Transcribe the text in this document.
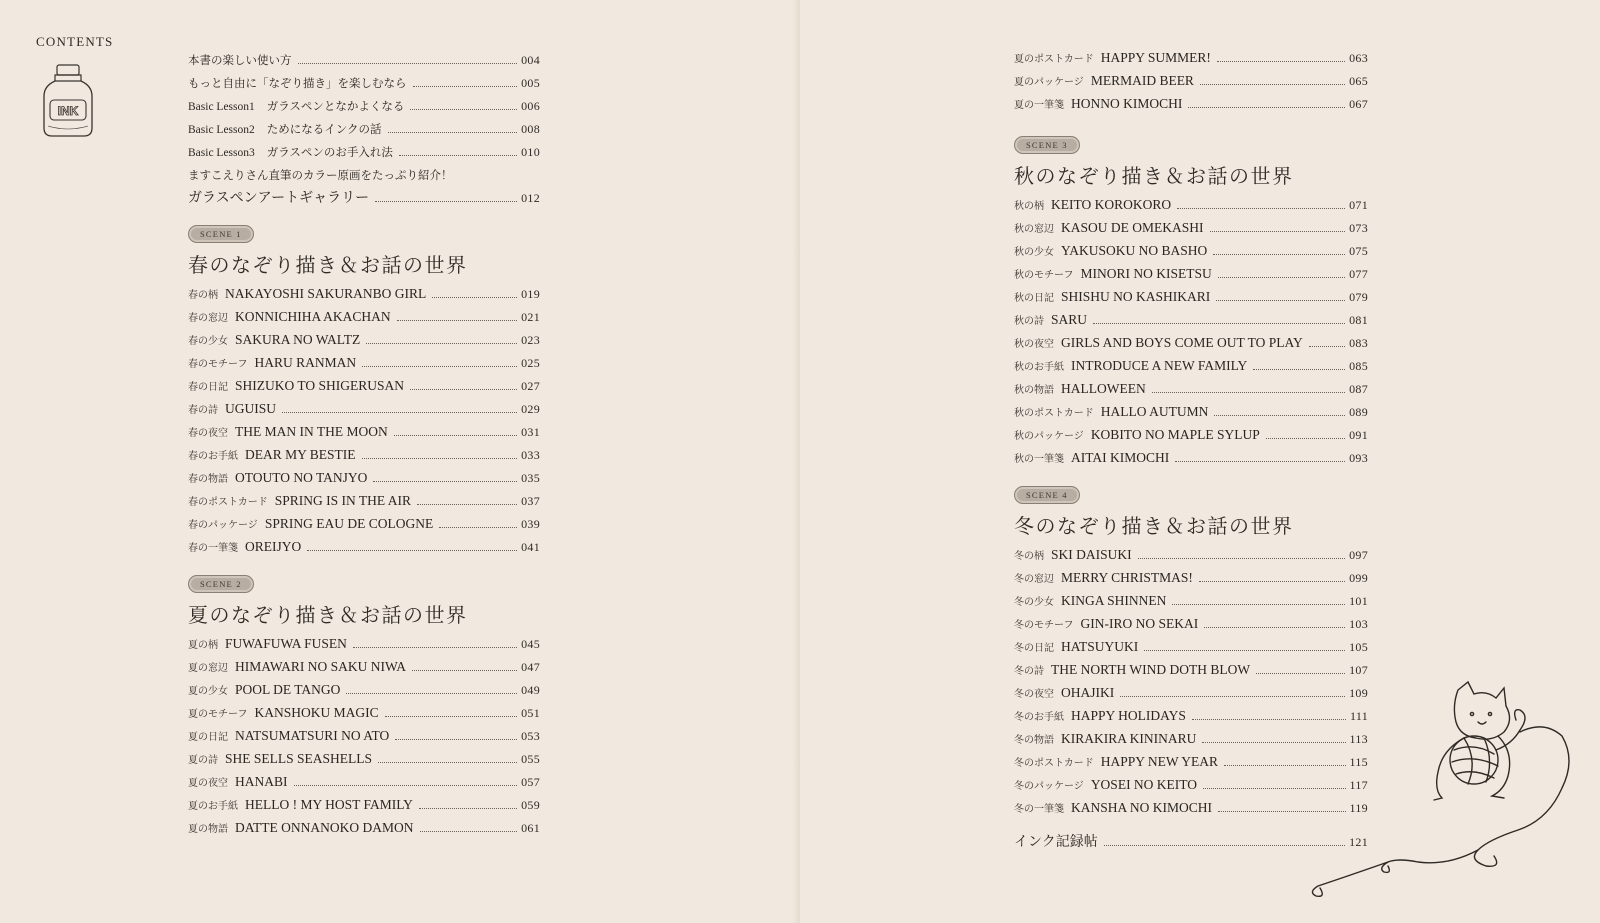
CONTENTS
INK
本書の楽しい使い方	004
もっと自由に「なぞり描き」を楽しむなら	005
Basic Lesson1 ガラスペンとなかよくなる	006
Basic Lesson2 ためになるインクの話	008
Basic Lesson3 ガラスペンのお手入れ法	010
ますこえりさん直筆のカラー原画をたっぷり紹介！
ガラスペンアートギャラリー	012
SCENE 1
春のなぞり描き＆お話の世界
春の柄 NAKAYOSHI SAKURANBO GIRL	019
春の窓辺 KONNICHIHA AKACHAN	021
春の少女 SAKURA NO WALTZ	023
春のモチーフ HARU RANMAN	025
春の日記 SHIZUKO TO SHIGERUSAN	027
春の詩 UGUISU	029
春の夜空 THE MAN IN THE MOON	031
春のお手紙 DEAR MY BESTIE	033
春の物語 OTOUTO NO TANJYO	035
春のポストカード SPRING IS IN THE AIR	037
春のパッケージ SPRING EAU DE COLOGNE	039
春の一筆箋 OREIJYO	041
SCENE 2
夏のなぞり描き＆お話の世界
夏の柄 FUWAFUWA FUSEN	045
夏の窓辺 HIMAWARI NO SAKU NIWA	047
夏の少女 POOL DE TANGO	049
夏のモチーフ KANSHOKU MAGIC	051
夏の日記 NATSUMATSURI NO ATO	053
夏の詩 SHE SELLS SEASHELLS	055
夏の夜空 HANABI	057
夏のお手紙 HELLO ! MY HOST FAMILY	059
夏の物語 DATTE ONNANOKO DAMON	061
夏のポストカード HAPPY SUMMER!	063
夏のパッケージ MERMAID BEER	065
夏の一筆箋 HONNO KIMOCHI	067
SCENE 3
秋のなぞり描き＆お話の世界
秋の柄 KEITO KOROKORO	071
秋の窓辺 KASOU DE OMEKASHI	073
秋の少女 YAKUSOKU NO BASHO	075
秋のモチーフ MINORI NO KISETSU	077
秋の日記 SHISHU NO KASHIKARI	079
秋の詩 SARU	081
秋の夜空 GIRLS AND BOYS COME OUT TO PLAY	083
秋のお手紙 INTRODUCE A NEW FAMILY	085
秋の物語 HALLOWEEN	087
秋のポストカード HALLO AUTUMN	089
秋のパッケージ KOBITO NO MAPLE SYLUP	091
秋の一筆箋 AITAI KIMOCHI	093
SCENE 4
冬のなぞり描き＆お話の世界
冬の柄 SKI DAISUKI	097
冬の窓辺 MERRY CHRISTMAS!	099
冬の少女 KINGA SHINNEN	101
冬のモチーフ GIN-IRO NO SEKAI	103
冬の日記 HATSUYUKI	105
冬の詩 THE NORTH WIND DOTH BLOW	107
冬の夜空 OHAJIKI	109
冬のお手紙 HAPPY HOLIDAYS	111
冬の物語 KIRAKIRA KININARU	113
冬のポストカード HAPPY NEW YEAR	115
冬のパッケージ YOSEI NO KEITO	117
冬の一筆箋 KANSHA NO KIMOCHI	119
インク記録帖	121
